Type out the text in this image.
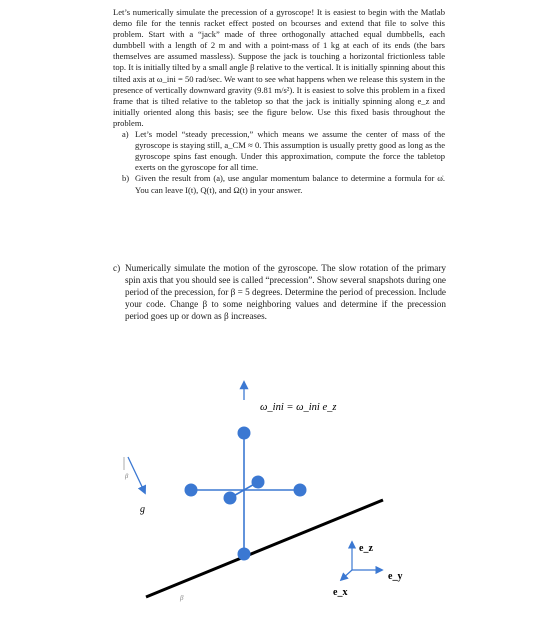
Let’s numerically simulate the precession of a gyroscope! It is easiest to begin with the Matlab demo file for the tennis racket effect posted on bcourses and extend that file to solve this problem. Start with a “jack” made of three orthogonally attached equal dumbbells, each dumbbell with a length of 2 m and with a point-mass of 1 kg at each of its ends (the bars themselves are assumed massless). Suppose the jack is touching a horizontal frictionless table top. It is initially tilted by a small angle β relative to the vertical. It is initially spinning about this tilted axis at ω_ini = 50 rad/sec. We want to see what happens when we release this system in the presence of vertically downward gravity (9.81 m/s²). It is easiest to solve this problem in a fixed frame that is tilted relative to the tabletop so that the jack is initially spinning along e_z and initially oriented along this basis; see the figure below. Use this fixed basis throughout the problem.

a) Let’s model “steady precession,” which means we assume the center of mass of the gyroscope is staying still, a_CM ≈ 0. This assumption is usually pretty good as long as the gyroscope spins fast enough. Under this approximation, compute the force the tabletop exerts on the gyroscope for all time.
b) Given the result from (a), use angular momentum balance to determine a formula for ω̇. You can leave I(t), Q(t), and Ω(t) in your answer.
c) Numerically simulate the motion of the gyroscope. The slow rotation of the primary spin axis that you should see is called “precession”. Show several snapshots during one period of the precession, for β = 5 degrees. Determine the period of precession. Include your code. Change β to some neighboring values and determine if the precession period goes up or down as β increases.
β
ω_ini = ω_ini e_z
β
g
e_z
e_y
e_x
